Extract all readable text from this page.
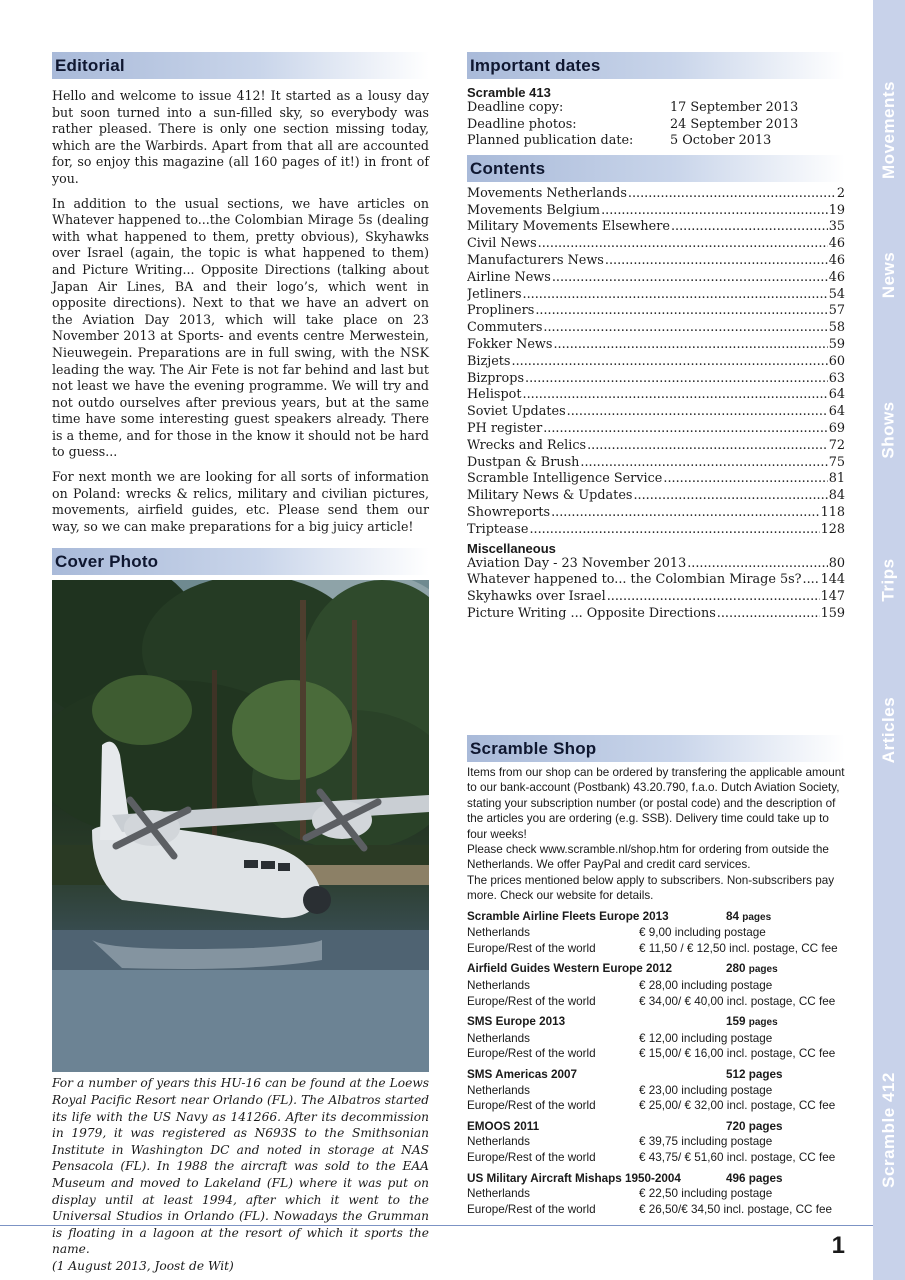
Editorial

Hello and welcome to issue 412! It started as a lousy day but soon turned into a sun-filled sky, so everybody was rather pleased. There is only one section missing today, which are the Warbirds. Apart from that all are accounted for, so enjoy this magazine (all 160 pages of it!) in front of you.

In addition to the usual sections, we have articles on Whatever happened to...the Colombian Mirage 5s (dealing with what happened to them, pretty obvious), Skyhawks over Israel (again, the topic is what happened to them) and Picture Writing... Opposite Directions (talking about Japan Air Lines, BA and their logo’s, which went in opposite directions). Next to that we have an advert on the Aviation Day 2013, which will take place on 23 November 2013 at Sports- and events centre Merwestein, Nieuwegein. Preparations are in full swing, with the NSK leading the way. The Air Fete is not far behind and last but not least we have the evening programme. We will try and not outdo ourselves after previous years, but at the same time have some interesting guest speakers already. There is a theme, and for those in the know it should not be hard to guess...

For next month we are looking for all sorts of information on Poland: wrecks & relics, military and civilian pictures, movements, airfield guides, etc. Please send them our way, so we can make preparations for a big juicy article!

Cover Photo
For a number of years this HU-16 can be found at the Loews Royal Pacific Resort near Orlando (FL). The Albatros started its life with the US Navy as 141266. After its decommission in 1979, it was registered as N693S to the Smithsonian Institute in Washington DC and noted in storage at NAS Pensacola (FL). In 1988 the aircraft was sold to the EAA Museum and moved to Lakeland (FL) where it was put on display until at least 1994, after which it went to the Universal Studios in Orlando (FL). Nowadays the Grumman is floating in a lagoon at the resort of which it sports the name.
(1 August 2013, Joost de Wit)
Important dates
Scramble 413
Deadline copy:	17 September 2013
Deadline photos:	24 September 2013
Planned publication date:	5 October 2013
Contents
Movements Netherlands .....	2
Movements Belgium .....	19
Military Movements Elsewhere .....	35
Civil News .....	46
Manufacturers News .....	46
Airline News .....	46
Jetliners .....	54
Propliners .....	57
Commuters .....	58
Fokker News .....	59
Bizjets .....	60
Bizprops .....	63
Helispot .....	64
Soviet Updates .....	64
PH register .....	69
Wrecks and Relics .....	72
Dustpan & Brush .....	75
Scramble Intelligence Service .....	81
Military News & Updates .....	84
Showreports .....	118
Triptease .....	128
Miscellaneous
Aviation Day - 23 November 2013 .....	80
Whatever happened to... the Colombian Mirage 5s? ..... 144
Skyhawks over Israel .....	147
Picture Writing ... Opposite Directions .....	159
Scramble Shop

Items from our shop can be ordered by transfering the applicable amount to our bank-account (Postbank) 43.20.790, f.a.o. Dutch Aviation Society, stating your subscription number (or postal code) and the description of the articles you are ordering (e.g. SSB). Delivery time could take up to four weeks!

Please check www.scramble.nl/shop.htm for ordering from outside the Netherlands. We offer PayPal and credit card services.

The prices mentioned below apply to subscribers. Non-subscribers pay more. Check our website for details.

Scramble Airline Fleets Europe 2013	84 pages
Netherlands	€ 9,00 including postage
Europe/Rest of the world	€ 11,50 / € 12,50 incl. postage, CC fee
Airfield Guides Western Europe 2012	280 pages
Netherlands	€ 28,00 including postage
Europe/Rest of the world	€ 34,00/ € 40,00 incl. postage, CC fee
SMS Europe 2013	159 pages
Netherlands	€ 12,00 including postage
Europe/Rest of the world	€ 15,00/ € 16,00 incl. postage, CC fee
SMS Americas 2007	512 pages
Netherlands	€ 23,00 including postage
Europe/Rest of the world	€ 25,00/ € 32,00 incl. postage, CC fee
EMOOS 2011	720 pages
Netherlands	€ 39,75 including postage
Europe/Rest of the world	€ 43,75/ € 51,60 incl. postage, CC fee
US Military Aircraft Mishaps 1950-2004	496 pages
Netherlands	€ 22,50 including postage
Europe/Rest of the world	€ 26,50/€ 34,50 incl. postage, CC fee
Movements
News
Shows
Trips
Articles
Scramble 412
1
